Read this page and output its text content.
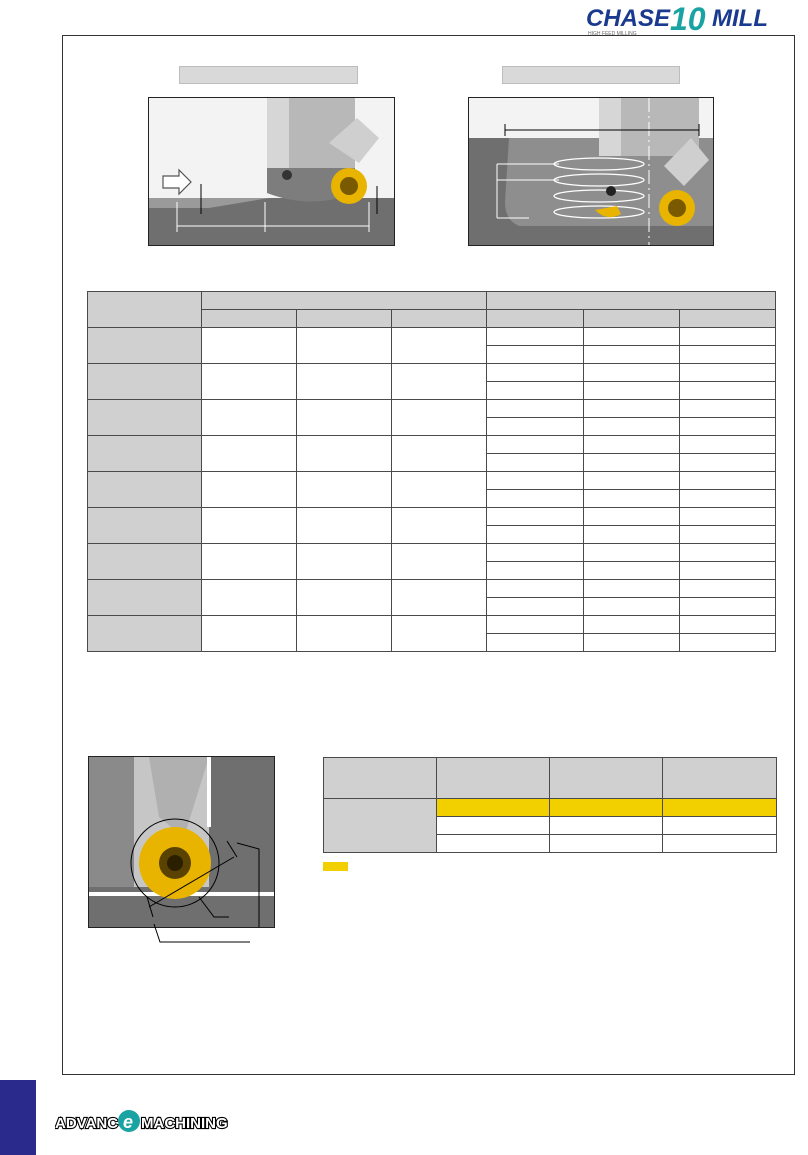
CHASE 10 MILL
HIGH FEED MILLING

ADVANC e MACHINING
